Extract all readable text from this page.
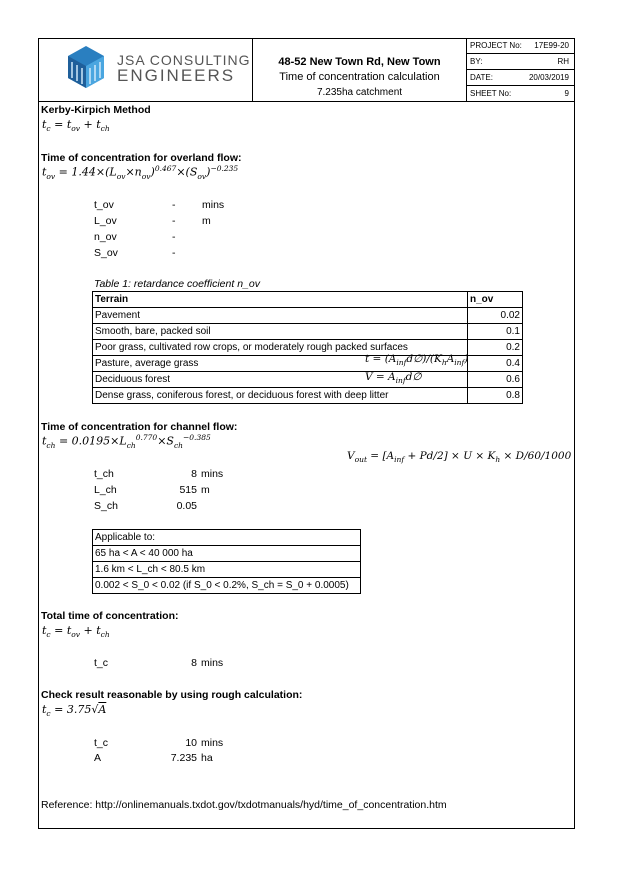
JSA CONSULTING
ENGINEERS
48-52 New Town Rd, New Town
Time of concentration calculation
7.235ha catchment
PROJECT No: 17E99-20
BY:	RH
DATE:	20/03/2019
SHEET No:	9
Kerby-Kirpich Method
$t_c = t_{ov} + t_{ch}$
Time of concentration for overland flow:
$t_{ov} = 1.44\times(L_{ov}\times n_{ov})^{0.467}\times(S_{ov})^{-0.235}$
t_ov	-	mins
L_ov	-	m
n_ov	-
S_ov	-
Table 1: retardance coefficient n_ov
Terrain	n_ov
Pavement	0.02
Smooth, bare, packed soil	0.1
Poor grass, cultivated row crops, or moderately rough packed surfaces	0.2
Pasture, average grass	0.4
Deciduous forest	0.6
Dense grass, coniferous forest, or deciduous forest with deep litter	0.8
$t = (A_{inf}d\emptyset)/(K_hA_{inf})$
$V = A_{inf}d\emptyset$
Time of concentration for channel flow:
$t_{ch} = 0.0195\times L_{ch}^{0.770}\times S_{ch}^{-0.385}$
$V_{out} = [A_{inf} + Pd/2] \times U \times K_h \times D/60/1000$
t_ch	8 mins
L_ch	515 m
S_ch	0.05
Applicable to:
65 ha < A < 40 000 ha
1.6 km < L_ch < 80.5 km
0.002 < S_0 < 0.02 (if S_0 < 0.2%, S_ch = S_0 + 0.0005)
Total time of concentration:
$t_c = t_{ov} + t_{ch}$
t_c	8 mins
Check result reasonable by using rough calculation:
$t_c = 3.75√A$
t_c	10 mins
A	7.235 ha
Reference: http://onlinemanuals.txdot.gov/txdotmanuals/hyd/time_of_concentration.htm
